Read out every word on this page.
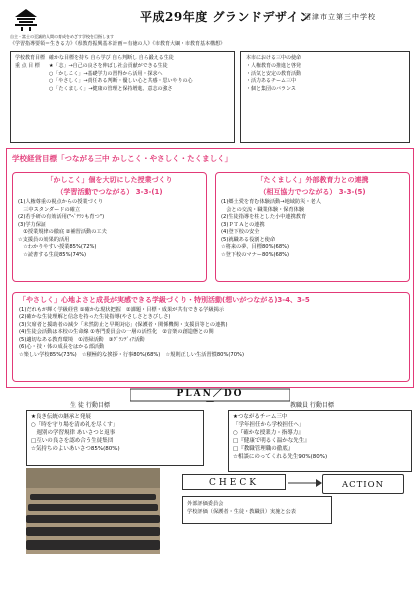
平成29年度 グランドデザイン
沼津市立第三中学校
自主・富士の至誠的人間の育成をめざす学校を目指します
《学習指導要領＝生きる力》《県教育振興基本計画＝有徳の人》《市教育大綱・市教育基本構想》
学校教育目標 確かな目標を持ち 自ら学び 自ら判断し 自ら鍛える生徒
重 点 目 標	★「志」→自己の良さを伸ばし社会貢献ができる生徒
○「かしこく」→基礎学力の習得から活用・探求へ
○「やさしく」→責任ある判断・優しい心と共感・思いやりの心
○「たくましく」→健康の管理と保持増進、意志の強さ
本市における三中の使命
・人権教育の推進と啓発
・活気と安定の教育活動
・活力あるチーム三中
・個と集団のバランス
学校経営目標「つながる三中 かしこく・やさしく・たくましく」
「かしこく」個を大切にした授業づくり
（学習活動でつながる） 3-3-(1)
(1)人権尊重の視点からの授業づくり
　三中スタンダードの確立
(2)若手研の有効活用("ﾍﾞﾃﾗﾝも育つ")
(3)学力保証
　①授業規律の徹底 ②補習活動の工夫
☆支援員の効果的活用
　☆わかりやすい授業85%(72%)
　☆読書する生徒85%(74%)
「たくましく」外部教育力との連携
（相互協力でつながる） 3-3-(5)
(1)郷土愛を育む体験活動→地域防災・老人
　会との交流・職業体験・保育体験
(2)生徒指導を柱とした小中連携教育
(3)ＰＴＡとの連携
(4)登下校の安全
(5)就職ある役割と使命
☆将来の夢、目標80%(68%)
☆登下校のマナー80%(68%)
「やさしく」心地よさと成長が実感できる学級づくり・特別活動(想いがつながる)3-4、3-5
(1)だれもが輝く学級経営 ①確かな現状把握　②課題・目標・成果が共有できる学級揭示
(2)確かな生徒理解と信念を持った生徒指導(やさしさときびしさ)
(3)欠席者と援助者の減少「未然防止と早期対応」(保護者・関係機関・支援員等との連携)
(4)生徒会活動は本校の生命線 ①専門委員会の一層の活性化　②音楽の創造態との関
(5)適切なある教育環境　①清掃活動　③ｸﾞﾗﾝﾃﾞｨｱ活動
(6)心・技・体の成長をはかる部活動
☆楽しい学校85%(73%)　☆積極的な挨拶・行事80%(68%)　☆規則正しい生活習慣80%(70%)
PLAN／DO
生 徒 行動目標	教職員 行動目標
★良き伝統の継承と発展
○「時を守り場を清め礼を尽くす」
　週別の学習規律 あいさつと返事
□互いの良さを認め合う生徒集団
☆気持ちのよいあいさつ85%(80%)
★つながるチーム三中
「学年担任から学校担任へ」
○『確かな授業力・指導力』
□『健康で明るく温かな先生』
□『教職管理職の徹底』
☆相談にのってくれる先生90%(80%)
CHECK	ACTION
外部評価委員会
学校評価（保護者・生徒・教職員）実施と公表
